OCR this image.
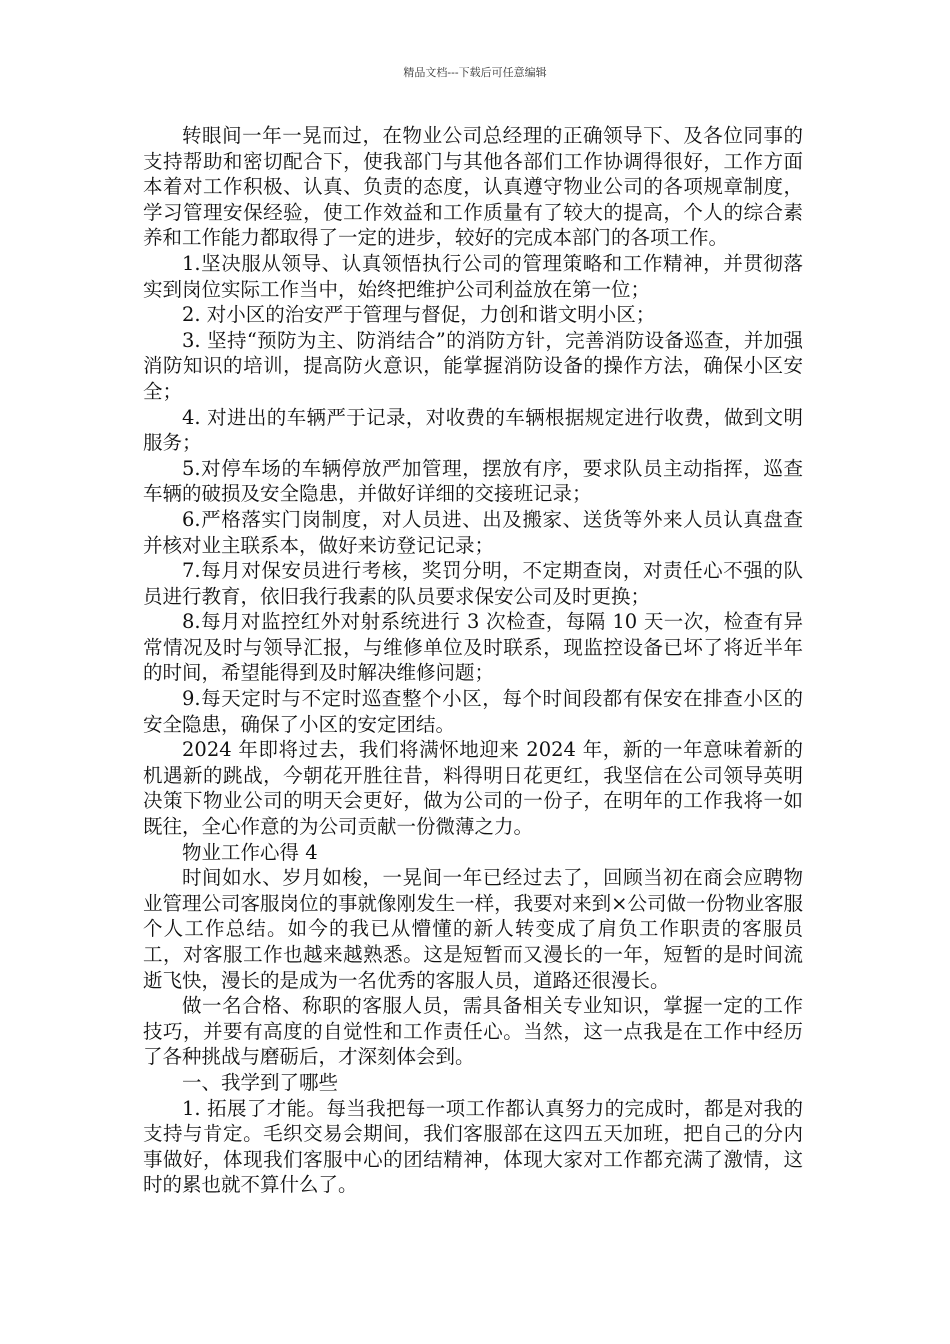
精品文档---下载后可任意编辑

转眼间一年一晃而过，在物业公司总经理的正确领导下、及各位同事的支持帮助和密切配合下，使我部门与其他各部们工作协调得很好，工作方面本着对工作积极、认真、负责的态度，认真遵守物业公司的各项规章制度，学习管理安保经验，使工作效益和工作质量有了较大的提高，个人的综合素养和工作能力都取得了一定的进步，较好的完成本部门的各项工作。

1.坚决服从领导、认真领悟执行公司的管理策略和工作精神，并贯彻落实到岗位实际工作当中，始终把维护公司利益放在第一位；

2. 对小区的治安严于管理与督促，力创和谐文明小区；

3. 坚持“预防为主、防消结合”的消防方针，完善消防设备巡查，并加强消防知识的培训，提高防火意识，能掌握消防设备的操作方法，确保小区安全；

4. 对进出的车辆严于记录，对收费的车辆根据规定进行收费，做到文明服务；

5.对停车场的车辆停放严加管理，摆放有序，要求队员主动指挥，巡查车辆的破损及安全隐患，并做好详细的交接班记录；

6.严格落实门岗制度，对人员进、出及搬家、送货等外来人员认真盘查并核对业主联系本，做好来访登记记录；

7.每月对保安员进行考核，奖罚分明，不定期查岗，对责任心不强的队员进行教育，依旧我行我素的队员要求保安公司及时更换；

8.每月对监控红外对射系统进行 3 次检查，每隔 10 天一次，检查有异常情况及时与领导汇报，与维修单位及时联系，现监控设备已坏了将近半年的时间，希望能得到及时解决维修问题；

9.每天定时与不定时巡查整个小区，每个时间段都有保安在排查小区的安全隐患，确保了小区的安定团结。

2024 年即将过去，我们将满怀地迎来 2024 年，新的一年意味着新的机遇新的跳战，今朝花开胜往昔，料得明日花更红，我坚信在公司领导英明决策下物业公司的明天会更好，做为公司的一份子，在明年的工作我将一如既往，全心作意的为公司贡献一份微薄之力。

物业工作心得 4

时间如水、岁月如梭，一晃间一年已经过去了，回顾当初在商会应聘物业管理公司客服岗位的事就像刚发生一样，我要对来到×公司做一份物业客服个人工作总结。如今的我已从懵懂的新人转变成了肩负工作职责的客服员工，对客服工作也越来越熟悉。这是短暂而又漫长的一年，短暂的是时间流逝飞快，漫长的是成为一名优秀的客服人员，道路还很漫长。

做一名合格、称职的客服人员，需具备相关专业知识，掌握一定的工作技巧，并要有高度的自觉性和工作责任心。当然，这一点我是在工作中经历了各种挑战与磨砺后，才深刻体会到。

一、我学到了哪些

1. 拓展了才能。每当我把每一项工作都认真努力的完成时，都是对我的支持与肯定。毛织交易会期间，我们客服部在这四五天加班，把自己的分内事做好，体现我们客服中心的团结精神，体现大家对工作都充满了激情，这时的累也就不算什么了。
